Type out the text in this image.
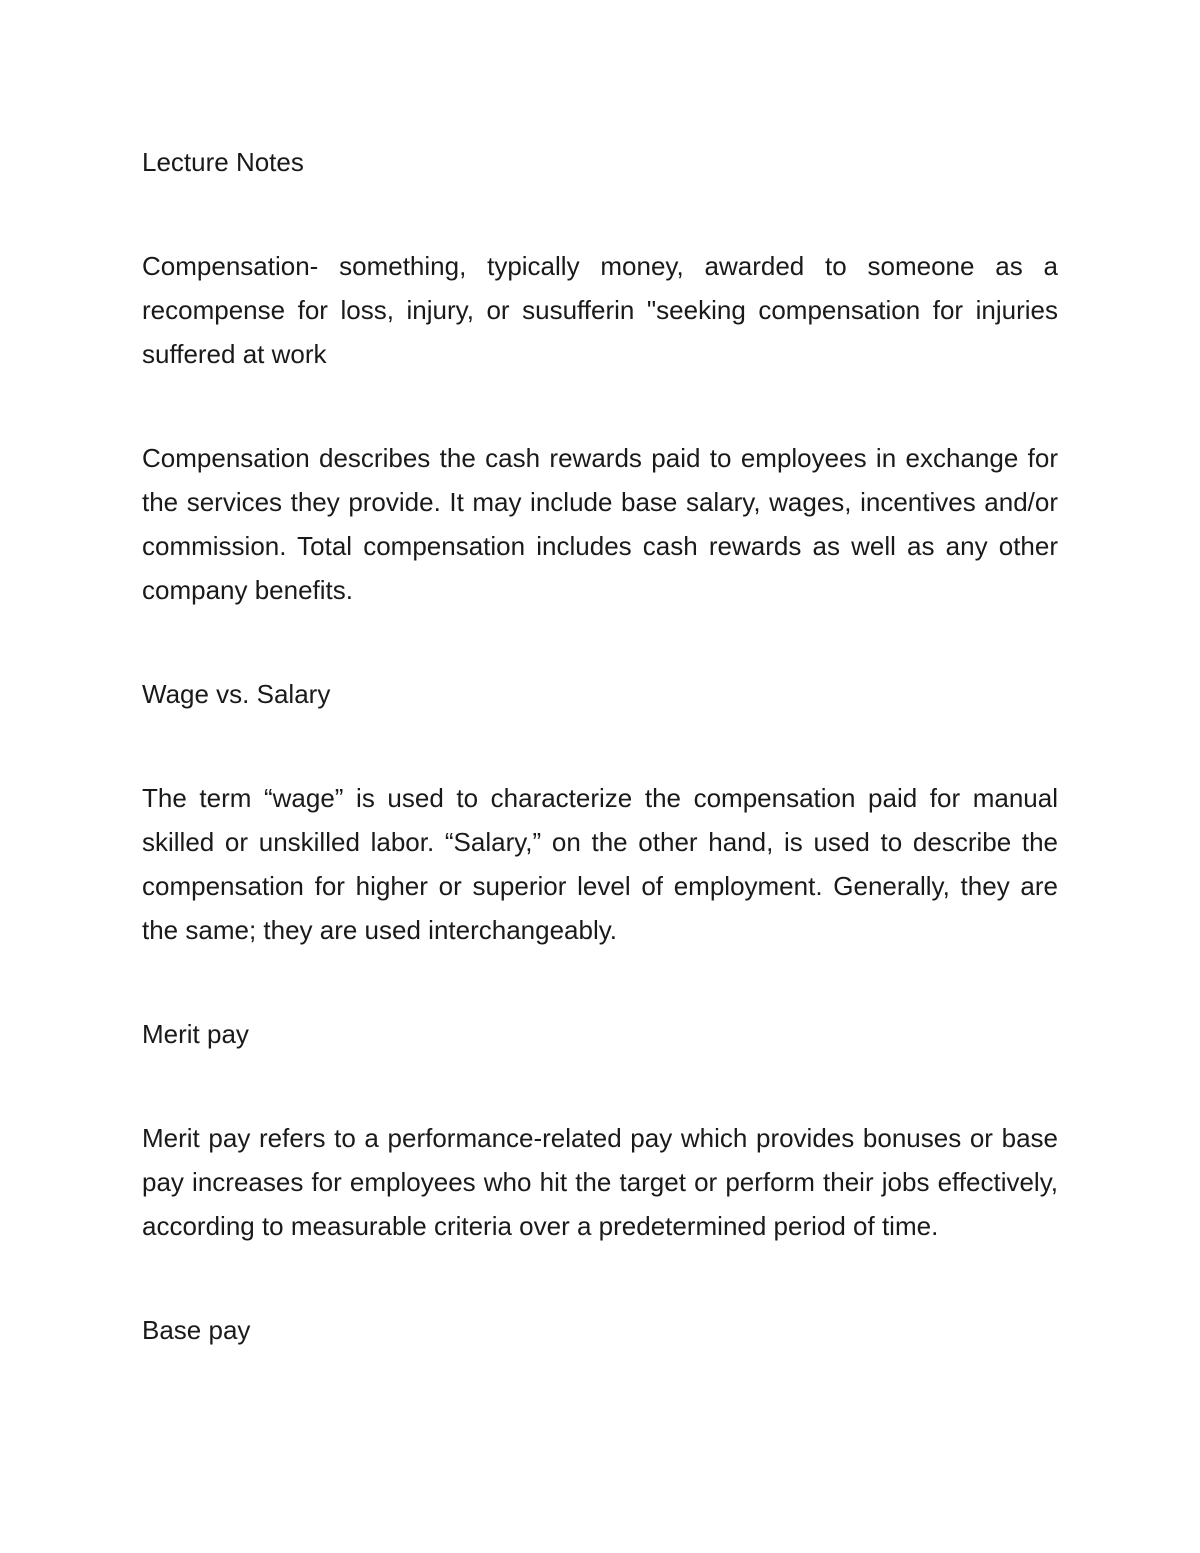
Lecture Notes
Compensation- something, typically money, awarded to someone as a recompense for loss, injury, or susufferin "seeking compensation for injuries suffered at work
Compensation describes the cash rewards paid to employees in exchange for the services they provide. It may include base salary, wages, incentives and/or commission. Total compensation includes cash rewards as well as any other company benefits.
Wage vs. Salary
The term “wage” is used to characterize the compensation paid for manual skilled or unskilled labor. “Salary,” on the other hand, is used to describe the compensation for higher or superior level of employment. Generally, they are the same; they are used interchangeably.
Merit pay
Merit pay refers to a performance-related pay which provides bonuses or base pay increases for employees who hit the target or perform their jobs effectively, according to measurable criteria over a predetermined period of time.
Base pay
